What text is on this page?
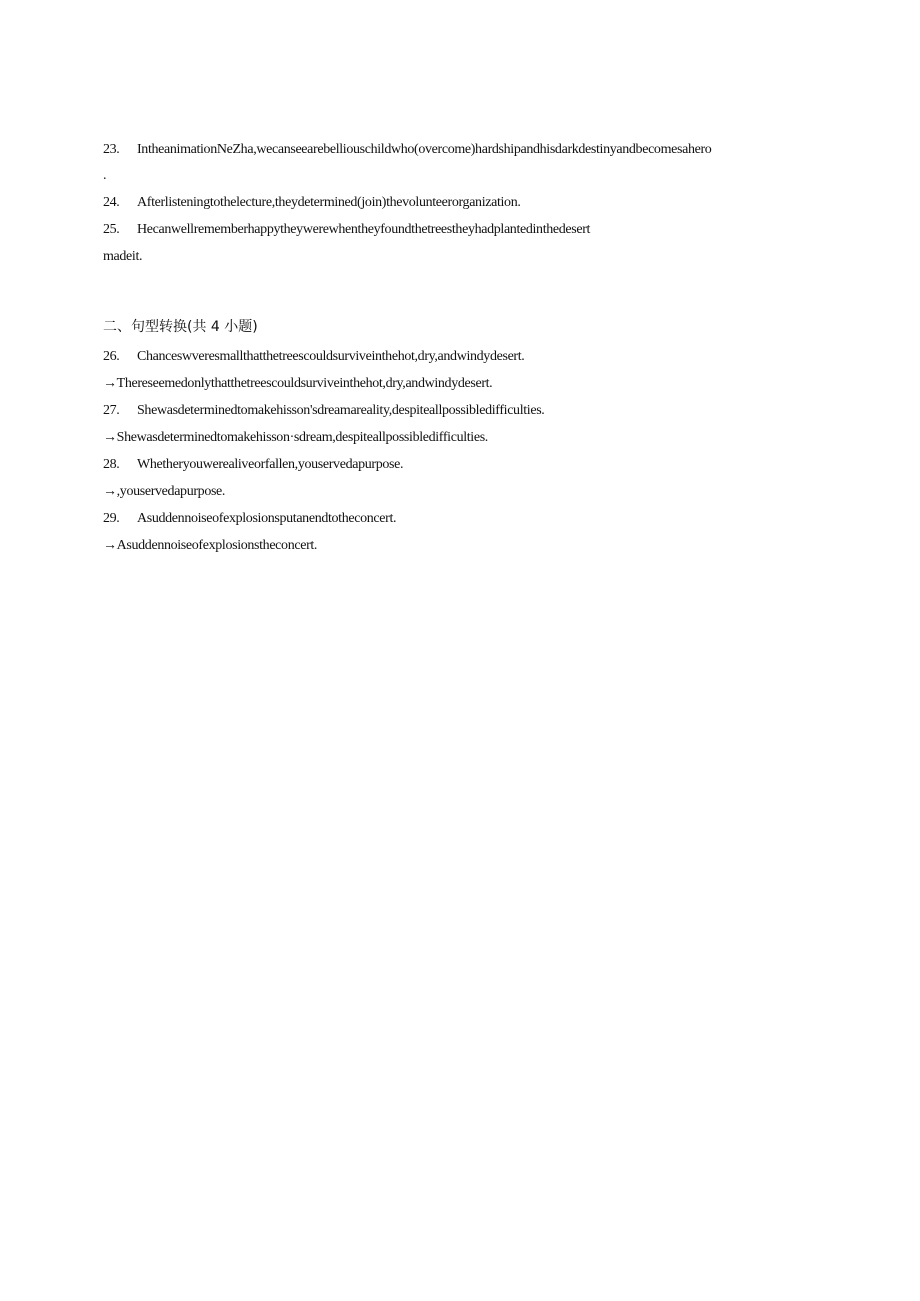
23. IntheanimationNeZha,wecanseearebelliouschildwho(overcome)hardshipandhisdarkdestinyandbecomesahero
.
24. Afterlisteningtothelecture,theydetermined(join)thevolunteerorganization.
25. Hecanwellrememberhappytheywerewhentheyfoundthetreestheyhadplantedinthedesert
madeit.
二、句型转换(共 4 小题)
26. Chanceswveresmallthatthetreescouldsurviveinthehot,dry,andwindydesert.
→Thereseemedonlythatthetreescouldsurviveinthehot,dry,andwindydesert.
27. Shewasdeterminedtomakehisson'sdreamareality,despiteallpossibledifficulties.
→Shewasdeterminedtomakehisson·sdream,despiteallpossibledifficulties.
28. Whetheryouwerealiveorfallen,youservedapurpose.
→,youservedapurpose.
29. Asuddennoiseofexplosionsputanendtotheconcert.
→Asuddennoiseofexplosionstheconcert.
